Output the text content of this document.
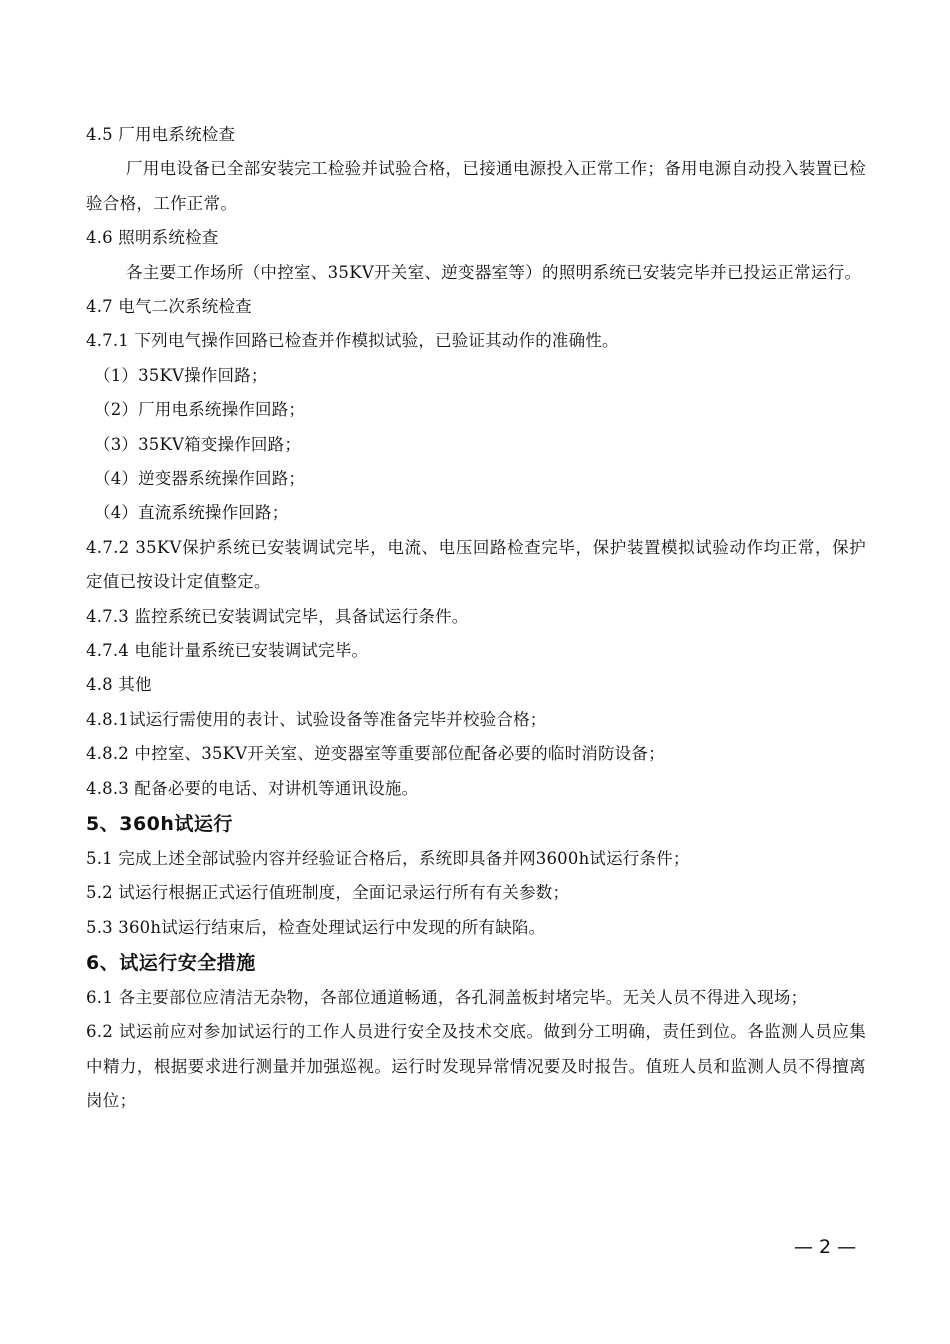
4.5 厂用电系统检查
厂用电设备已全部安装完工检验并试验合格，已接通电源投入正常工作；备用电源自动投入装置已检验合格，工作正常。
4.6 照明系统检查
各主要工作场所（中控室、35KV开关室、逆变器室等）的照明系统已安装完毕并已投运正常运行。
4.7 电气二次系统检查
4.7.1 下列电气操作回路已检查并作模拟试验，已验证其动作的准确性。
（1）35KV操作回路；
（2）厂用电系统操作回路；
（3）35KV箱变操作回路；
（4）逆变器系统操作回路；
（4）直流系统操作回路；
4.7.2 35KV保护系统已安装调试完毕，电流、电压回路检查完毕，保护装置模拟试验动作均正常，保护定值已按设计定值整定。
4.7.3 监控系统已安装调试完毕，具备试运行条件。
4.7.4 电能计量系统已安装调试完毕。
4.8 其他
4.8.1试运行需使用的表计、试验设备等准备完毕并校验合格；
4.8.2 中控室、35KV开关室、逆变器室等重要部位配备必要的临时消防设备；
4.8.3 配备必要的电话、对讲机等通讯设施。
5、360h试运行
5.1 完成上述全部试验内容并经验证合格后，系统即具备并网3600h试运行条件；
5.2 试运行根据正式运行值班制度，全面记录运行所有有关参数；
5.3 360h试运行结束后，检查处理试运行中发现的所有缺陷。
6、试运行安全措施
6.1 各主要部位应清洁无杂物，各部位通道畅通，各孔洞盖板封堵完毕。无关人员不得进入现场；
6.2 试运前应对参加试运行的工作人员进行安全及技术交底。做到分工明确，责任到位。各监测人员应集中精力，根据要求进行测量并加强巡视。运行时发现异常情况要及时报告。值班人员和监测人员不得擅离岗位；
— 2 —
